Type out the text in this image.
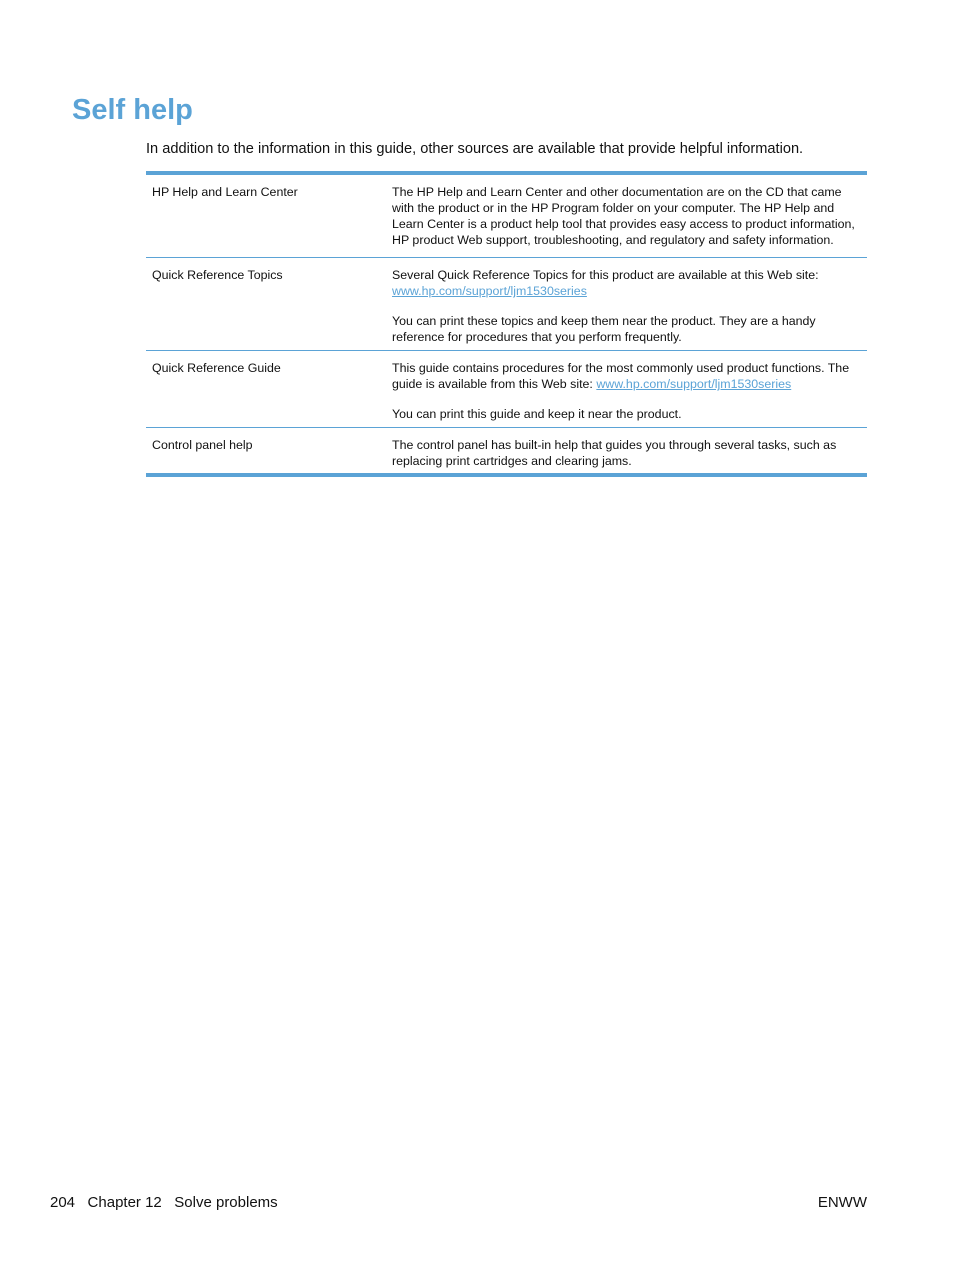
Self help

In addition to the information in this guide, other sources are available that provide helpful information.

HP Help and Learn Center	The HP Help and Learn Center and other documentation are on the CD that came with the product or in the HP Program folder on your computer. The HP Help and Learn Center is a product help tool that provides easy access to product information, HP product Web support, troubleshooting, and regulatory and safety information.

Quick Reference Topics	Several Quick Reference Topics for this product are available at this Web site: www.hp.com/support/ljm1530series

You can print these topics and keep them near the product. They are a handy reference for procedures that you perform frequently.

Quick Reference Guide	This guide contains procedures for the most commonly used product functions. The guide is available from this Web site: www.hp.com/support/ljm1530series

You can print this guide and keep it near the product.

Control panel help	The control panel has built-in help that guides you through several tasks, such as replacing print cartridges and clearing jams.

204 Chapter 12 Solve problems	ENWW
